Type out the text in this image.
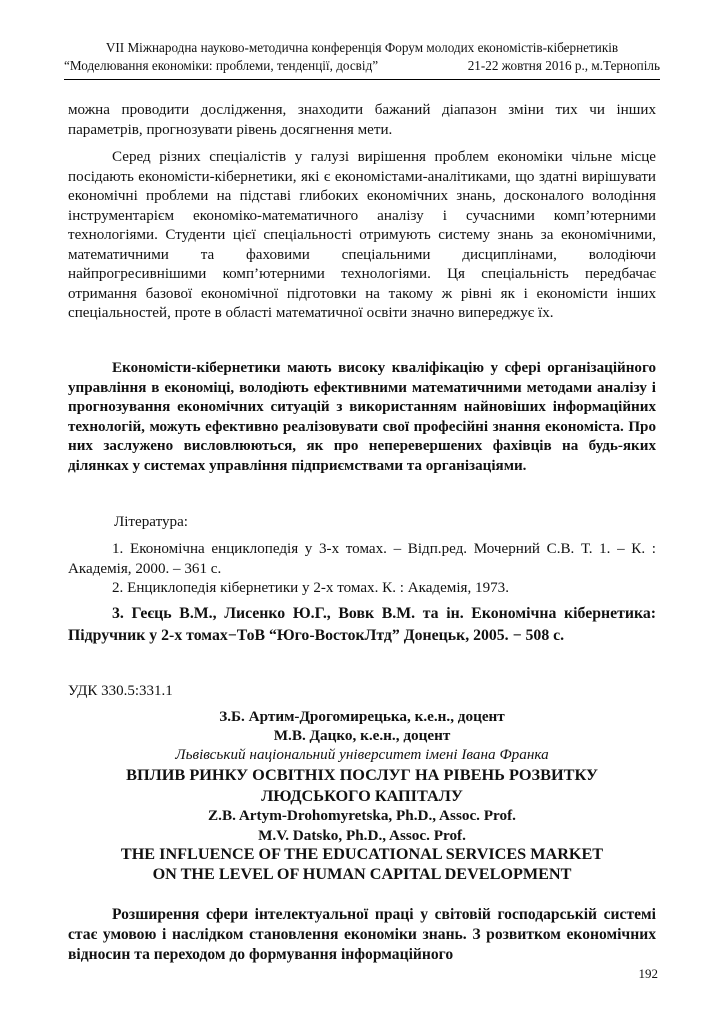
VII Міжнародна науково-методична конференція Форум молодих економістів-кібернетиків
“Моделювання економіки: проблеми, тенденції, досвід”	21-22 жовтня 2016 р., м.Тернопіль
можна проводити дослідження, знаходити бажаний діапазон зміни тих чи інших параметрів, прогнозувати рівень досягнення мети.
Серед різних спеціалістів у галузі вирішення проблем економіки чільне місце посідають економісти-кібернетики, які є економістами-аналітиками, що здатні вирішувати економічні проблеми на підставі глибоких економічних знань, досконалого володіння інструментарієм економіко-математичного аналізу і сучасними комп’ютерними технологіями. Студенти цієї спеціальності отримують систему знань за економічними, математичними та фаховими спеціальними дисциплінами, володіючи найпрогресивнішими комп’ютерними технологіями. Ця спеціальність передбачає отримання базової економічної підготовки на такому ж рівні як і економісти інших спеціальностей, проте в області математичної освіти значно випереджує їх.
Економісти-кібернетики мають високу кваліфікацію у сфері організаційного управління в економіці, володіють ефективними математичними методами аналізу і прогнозування економічних ситуацій з використанням найновіших інформаційних технологій, можуть ефективно реалізовувати свої професійні знання економіста. Про них заслужено висловлюються, як про неперевершених фахівців на будь-яких ділянках у системах управління підприємствами та організаціями.
Література:
1. Економічна енциклопедія у 3-х томах. – Відп.ред. Мочерний С.В. Т. 1. – К. : Академія, 2000. – 361 с.
2. Енциклопедія кібернетики у 2-х томах. К. : Академія, 1973.
3. Геєць В.М., Лисенко Ю.Г., Вовк В.М. та ін. Економічна кібернетика: Підручник у 2-х томах−ТоВ “Юго-ВостокЛтд” Донецьк, 2005. − 508 с.
УДК 330.5:331.1
З.Б. Артим-Дрогомирецька, к.е.н., доцент
М.В. Дацко, к.е.н., доцент
Львівський національний університет імені Івана Франка
ВПЛИВ РИНКУ ОСВІТНІХ ПОСЛУГ НА РІВЕНЬ РОЗВИТКУ
ЛЮДСЬКОГО КАПІТАЛУ
Z.B. Artym-Drohomyretska, Ph.D., Assoc. Prof.
M.V. Datsko, Ph.D., Assoc. Prof.
THE INFLUENCE OF THE EDUCATIONAL SERVICES MARKET
ON THE LEVEL OF HUMAN CAPITAL DEVELOPMENT
Розширення сфери інтелектуальної праці у світовій господарській системі стає умовою і наслідком становлення економіки знань. З розвитком економічних відносин та переходом до формування інформаційного
192
